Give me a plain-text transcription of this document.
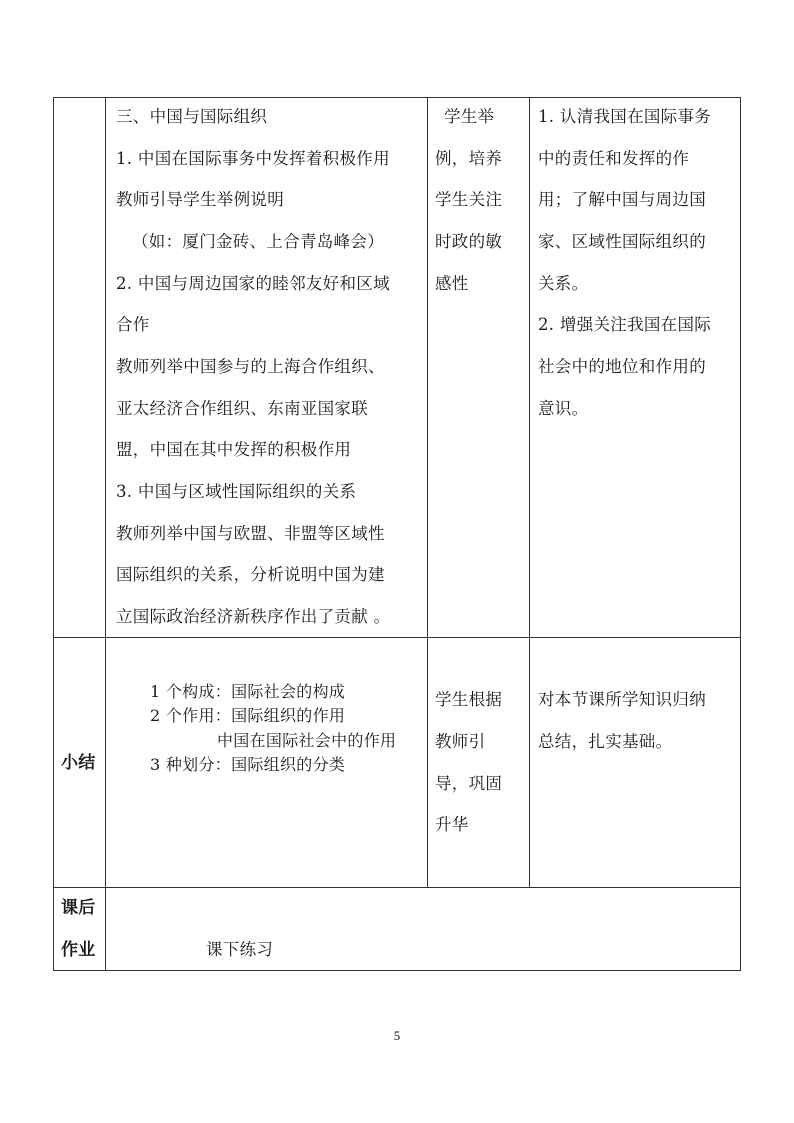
三、中国与国际组织
1. 中国在国际事务中发挥着积极作用
教师引导学生举例说明
（如：厦门金砖、上合青岛峰会）
2. 中国与周边国家的睦邻友好和区域
合作
教师列举中国参与的上海合作组织、
亚太经济合作组织、东南亚国家联
盟，中国在其中发挥的积极作用
3. 中国与区域性国际组织的关系
教师列举中国与欧盟、非盟等区域性
国际组织的关系，分析说明中国为建
立国际政治经济新秩序作出了贡献 。
学生举
例，培养
学生关注
时政的敏
感性
1. 认清我国在国际事务
中的责任和发挥的作
用；了解中国与周边国
家、区域性国际组织的
关系。
2. 增强关注我国在国际
社会中的地位和作用的
意识。
小结
1 个构成：国际社会的构成
2 个作用：国际组织的作用
中国在国际社会中的作用
3 种划分：国际组织的分类
学生根据
教师引
导，巩固
升华
对本节课所学知识归纳
总结，扎实基础。
课后
作业	课下练习
5
